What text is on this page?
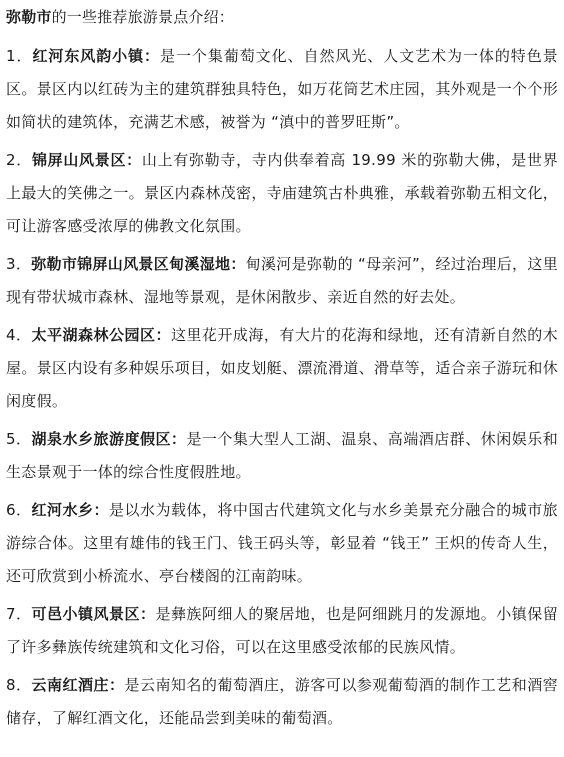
弥勒市的一些推荐旅游景点介绍：

1．红河东风韵小镇：是一个集葡萄文化、自然风光、人文艺术为一体的特色景区。景区内以红砖为主的建筑群独具特色，如万花筒艺术庄园，其外观是一个个形如简状的建筑体，充满艺术感，被誉为 “滇中的普罗旺斯”。

2．锦屏山风景区：山上有弥勒寺，寺内供奉着高 19.99 米的弥勒大佛，是世界上最大的笑佛之一。景区内森林茂密，寺庙建筑古朴典雅，承载着弥勒五相文化，可让游客感受浓厚的佛教文化氛围。

3．弥勒市锦屏山风景区甸溪湿地：甸溪河是弥勒的 “母亲河”，经过治理后，这里现有带状城市森林、湿地等景观，是休闲散步、亲近自然的好去处。

4．太平湖森林公园区：这里花开成海，有大片的花海和绿地，还有清新自然的木屋。景区内设有多种娱乐项目，如皮划艇、漂流滑道、滑草等，适合亲子游玩和休闲度假。

5．湖泉水乡旅游度假区：是一个集大型人工湖、温泉、高端酒店群、休闲娱乐和生态景观于一体的综合性度假胜地。

6．红河水乡：是以水为载体，将中国古代建筑文化与水乡美景充分融合的城市旅游综合体。这里有雄伟的钱王门、钱王码头等，彰显着 “钱王” 王炽的传奇人生，还可欣赏到小桥流水、亭台楼阁的江南韵味。

7．可邑小镇风景区：是彝族阿细人的聚居地，也是阿细跳月的发源地。小镇保留了许多彝族传统建筑和文化习俗，可以在这里感受浓郁的民族风情。

8．云南红酒庄：是云南知名的葡萄酒庄，游客可以参观葡萄酒的制作工艺和酒窖储存，了解红酒文化，还能品尝到美味的葡萄酒。
